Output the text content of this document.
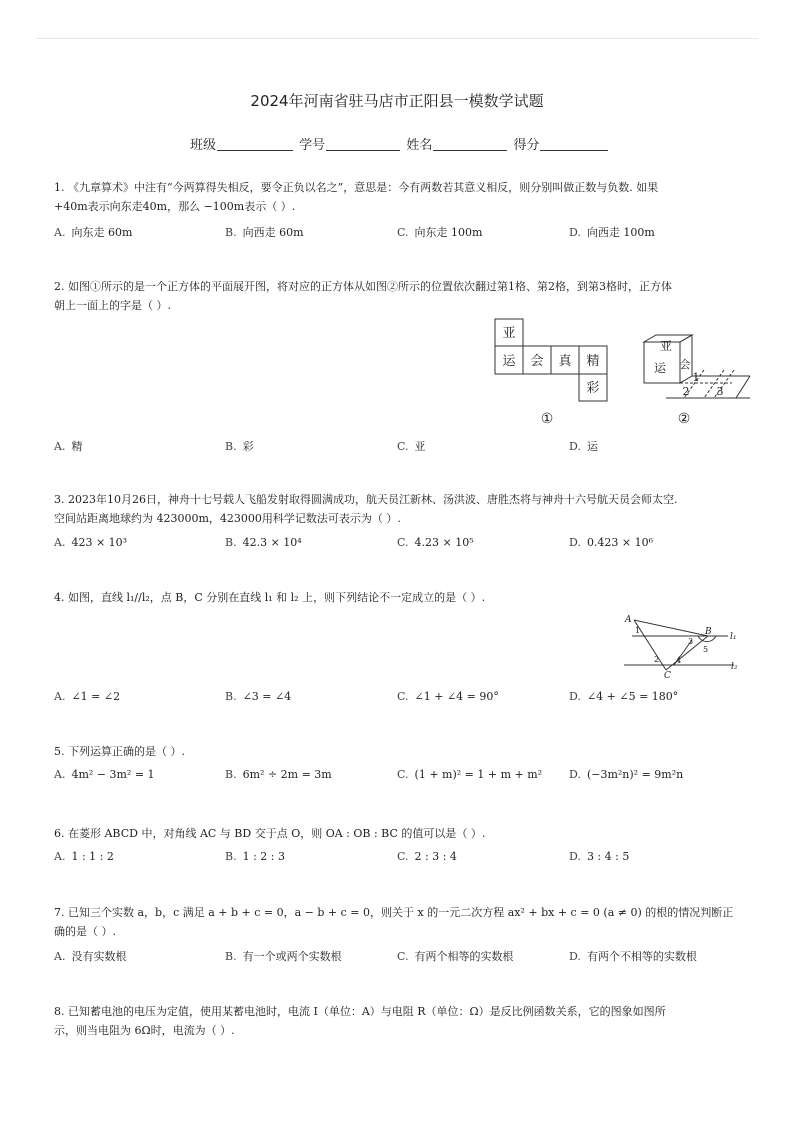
2024年河南省驻马店市正阳县一模数学试题
班级	学号	姓名	得分
1. 《九章算术》中注有“今两算得失相反，要令正负以名之”，意思是：今有两数若其意义相反，则分别叫做正数与负数. 如果
+40m表示向东走40m，那么 −100m表示（ ）.
A. 向东走 60m	B. 向西走 60m	C. 向东走 100m	D. 向西走 100m
2. 如图①所示的是一个正方体的平面展开图，将对应的正方体从如图②所示的位置依次翻过第1格、第2格，到第3格时，正方体
朝上一面上的字是（ ）.
亚
运 会 真 精
彩
①
亚
运 会
1
2 3
②
A. 精	B. 彩	C. 亚	D. 运
3. 2023年10月26日，神舟十七号载人飞船发射取得圆满成功，航天员江新林、汤洪波、唐胜杰将与神舟十六号航天员会师太空.
空间站距离地球约为 423000m，423000用科学记数法可表示为（ ）.
A. 423 × 10³	B. 42.3 × 10⁴	C. 4.23 × 10⁵	D. 0.423 × 10⁶
4. 如图，直线 l₁//l₂，点 B，C 分别在直线 l₁ 和 l₂ 上，则下列结论不一定成立的是（ ）.
A
B
C
l₁
l₂
1
2
3
4
5
A. ∠1 = ∠2	B. ∠3 = ∠4	C. ∠1 + ∠4 = 90°	D. ∠4 + ∠5 = 180°
5. 下列运算正确的是（ ）.
A. 4m² − 3m² = 1	B. 6m² ÷ 2m = 3m	C. (1 + m)² = 1 + m + m² D. (−3m²n)² = 9m²n
6. 在菱形 ABCD 中，对角线 AC 与 BD 交于点 O，则 OA : OB : BC 的值可以是（ ）.
A. 1 : 1 : 2	B. 1 : 2 : 3	C. 2 : 3 : 4	D. 3 : 4 : 5
7. 已知三个实数 a，b，c 满足 a + b + c = 0，a − b + c = 0，则关于 x 的一元二次方程 ax² + bx + c = 0 (a ≠ 0) 的根的情况判断正
确的是（ ）.
A. 没有实数根	B. 有一个或两个实数根	C. 有两个相等的实数根	D. 有两个不相等的实数根
8. 已知蓄电池的电压为定值，使用某蓄电池时，电流 I（单位：A）与电阻 R（单位：Ω）是反比例函数关系，它的图象如图所
示，则当电阻为 6Ω时，电流为（ ）.
